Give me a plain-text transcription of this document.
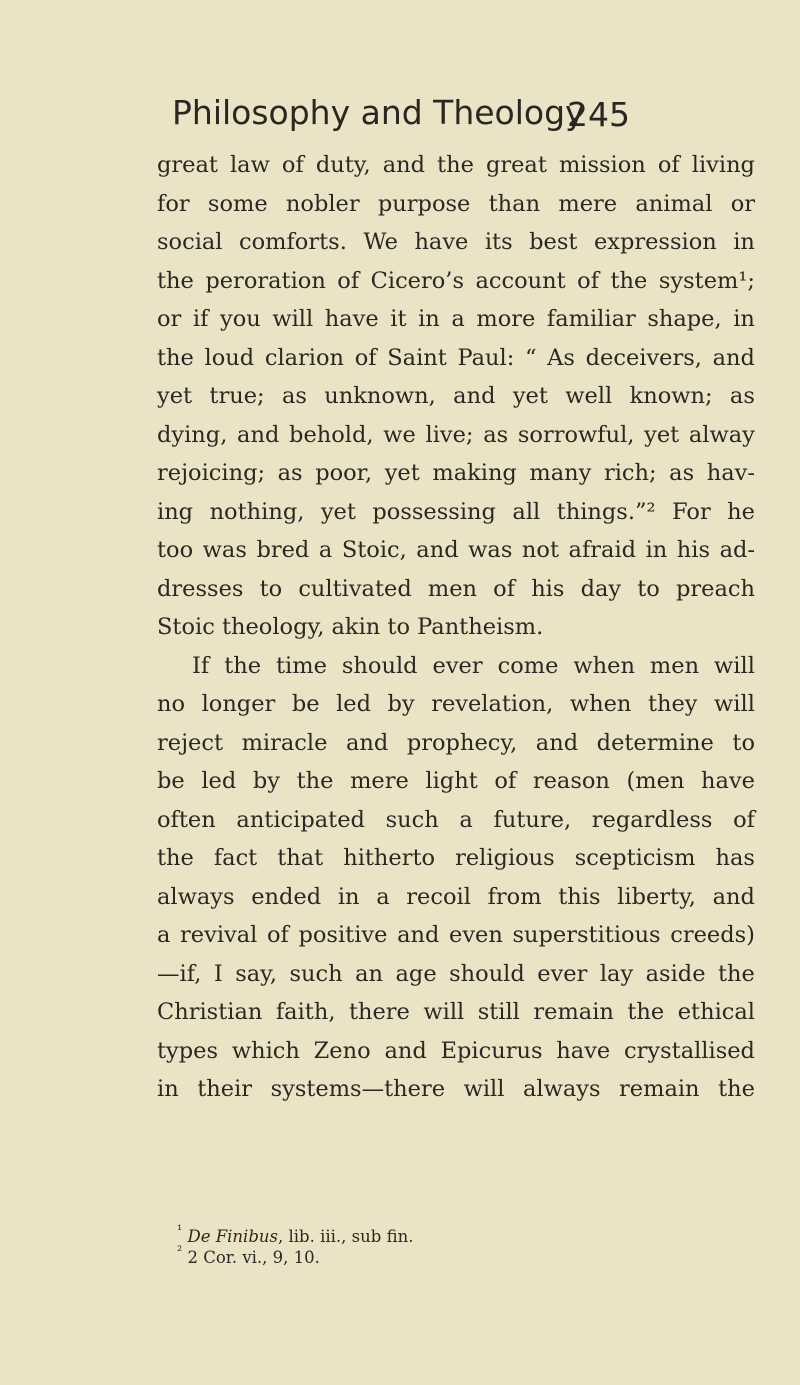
Philosophy and Theology
245
great law of duty, and the great mission of living
for some nobler purpose than mere animal or
social comforts. We have its best expression in
the peroration of Cicero’s account of the system¹;
or if you will have it in a more familiar shape, in
the loud clarion of Saint Paul: “ As deceivers, and
yet true; as unknown, and yet well known; as
dying, and behold, we live; as sorrowful, yet alway
rejoicing; as poor, yet making many rich; as hav-
ing nothing, yet possessing all things.”² For he
too was bred a Stoic, and was not afraid in his ad-
dresses to cultivated men of his day to preach
Stoic theology, akin to Pantheism.
If the time should ever come when men will
no longer be led by revelation, when they will
reject miracle and prophecy, and determine to
be led by the mere light of reason (men have
often anticipated such a future, regardless of
the fact that hitherto religious scepticism has
always ended in a recoil from this liberty, and
a revival of positive and even superstitious creeds)
—if, I say, such an age should ever lay aside the
Christian faith, there will still remain the ethical
types which Zeno and Epicurus have crystallised
in their systems—there will always remain the
$^{^1}$ De Finibus, lib. iii., sub fin.
$^{^2}$ 2 Cor. vi., 9, 10.
